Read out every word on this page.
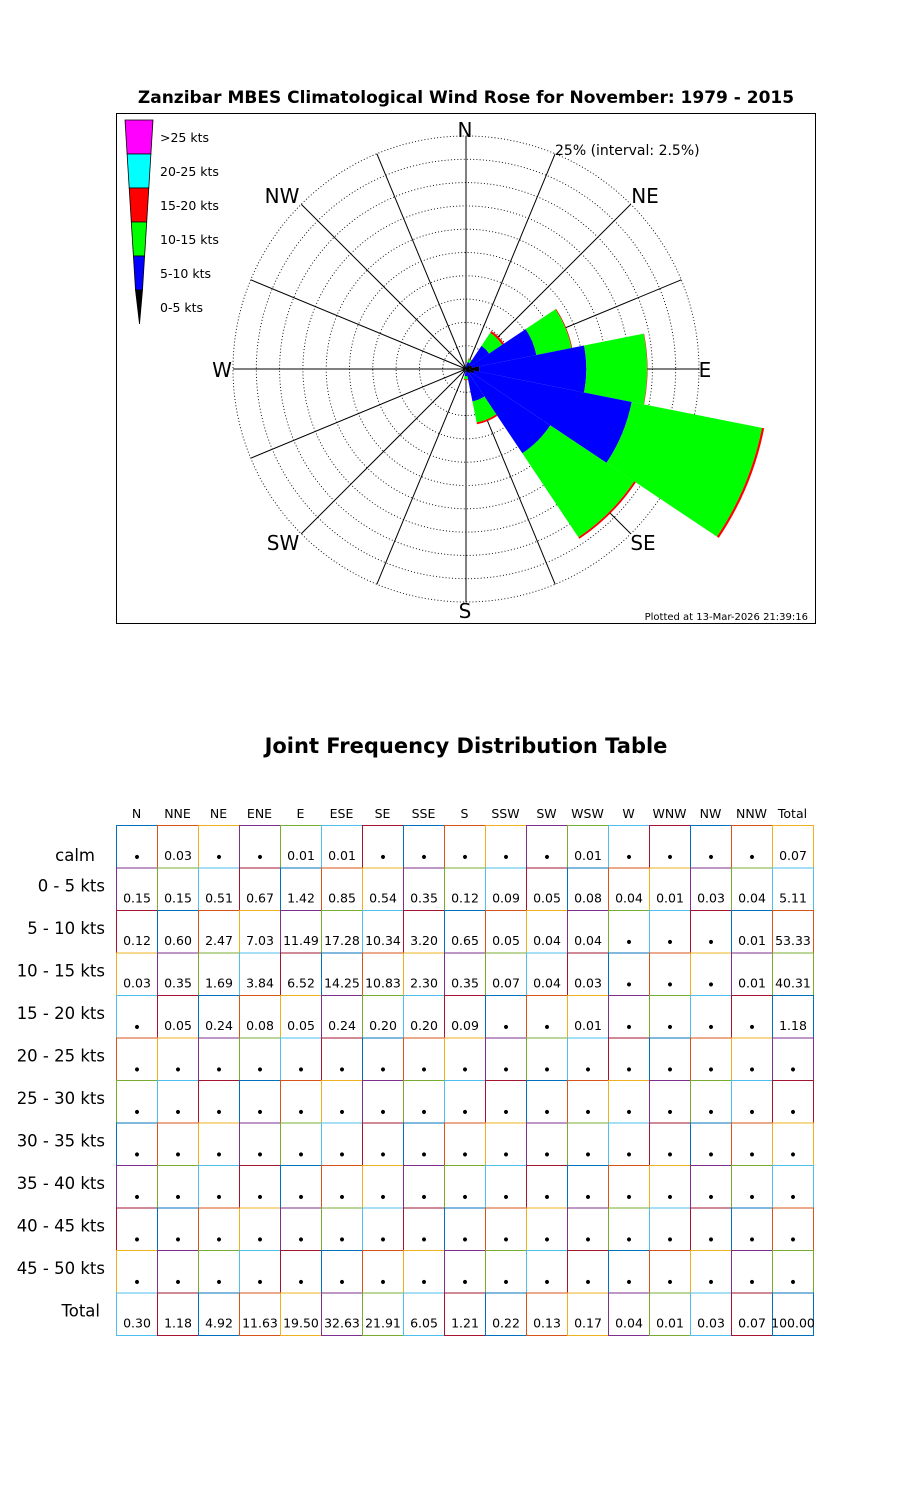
Zanzibar MBES Climatological Wind Rose for November: 1979 - 2015
N
NE
E
SE
S
SW
W
NW
25% (interval: 2.5%)
>25 kts
20-25 kts
15-20 kts
10-15 kts
5-10 kts
0-5 kts
Plotted at 13-Mar-2026 21:39:16
Joint Frequency Distribution Table
N NNE NE ENE E ESE SE SSE S SSW SW WSW W WNW NW NNW Total
calm	• 0.03 • • 0.01 0.01 • • • • • 0.01 • • • • 0.07
0 - 5 kts
0.15 0.15 0.51 0.67 1.42 0.85 0.54 0.35 0.12 0.09 0.05 0.08 0.04 0.01 0.03 0.04 5.11
5 - 10 kts
0.12 0.60 2.47 7.03 11.49 17.28 10.34 3.20 0.65 0.05 0.04 0.04 • • • 0.01 53.33
10 - 15 kts
0.03 0.35 1.69 3.84 6.52 14.25 10.83 2.30 0.35 0.07 0.04 0.03 • • • 0.01 40.31
15 - 20 kts
• 0.05 0.24 0.08 0.05 0.24 0.20 0.20 0.09 • • 0.01 • • • • 1.18
20 - 25 kts
• • • • • • • • • • • • • • • • •
25 - 30 kts
• • • • • • • • • • • • • • • • •
30 - 35 kts
• • • • • • • • • • • • • • • • •
35 - 40 kts
• • • • • • • • • • • • • • • • •
40 - 45 kts
• • • • • • • • • • • • • • • • •
45 - 50 kts
• • • • • • • • • • • • • • • • •
Total
0.30 1.18 4.92 11.63 19.50 32.63 21.91 6.05 1.21 0.22 0.13 0.17 0.04 0.01 0.03 0.07 100.00
